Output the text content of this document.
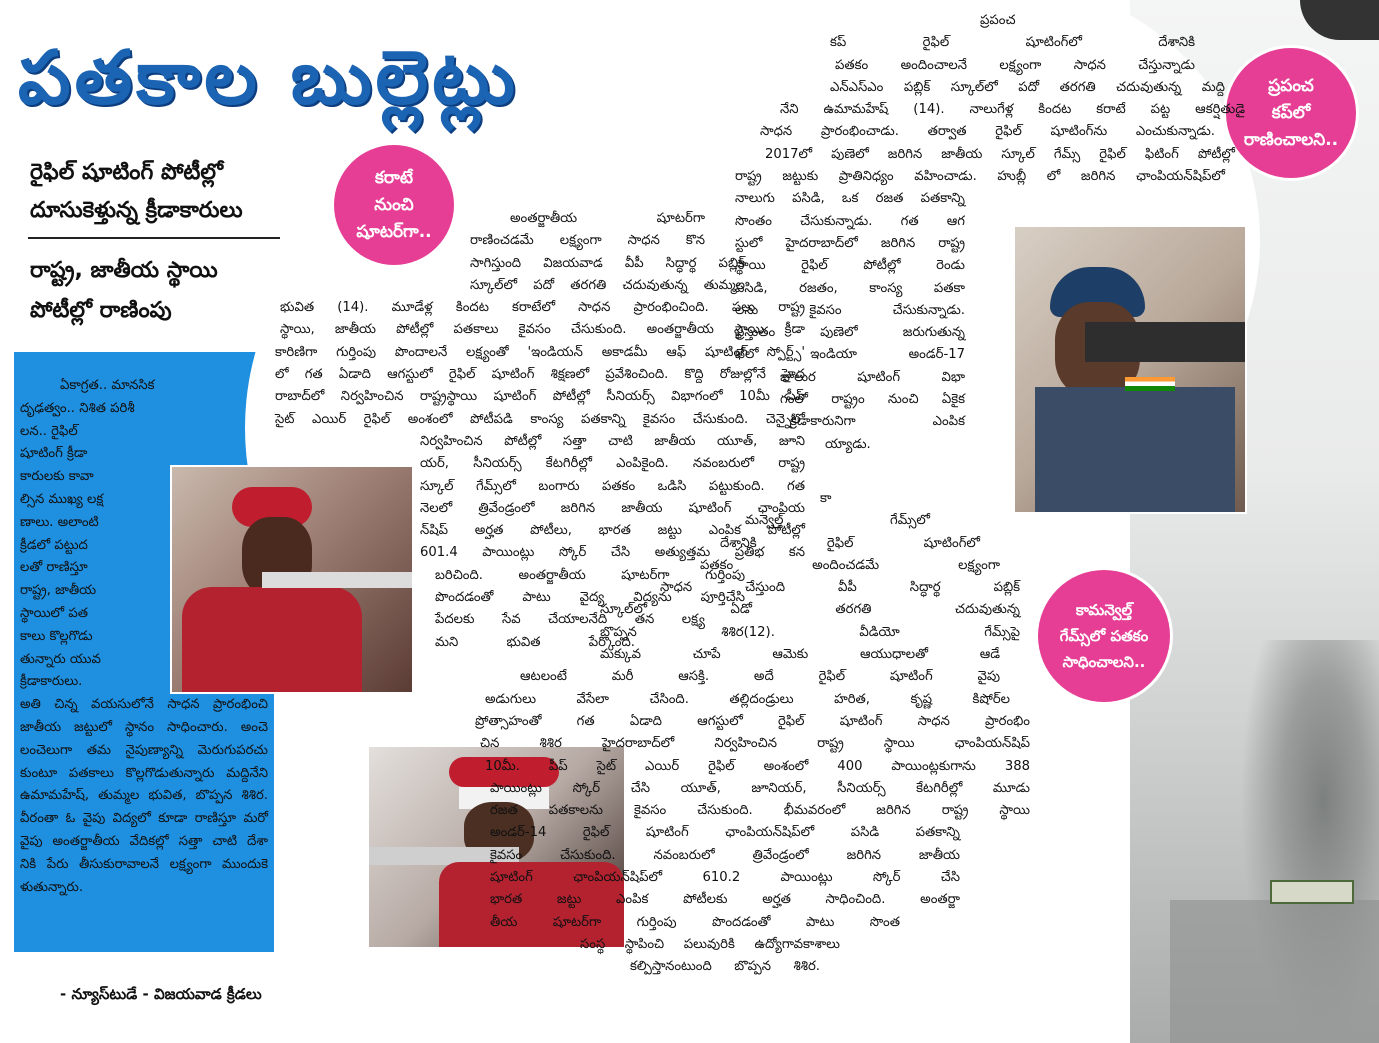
పతకాల బుల్లెట్లు
రైఫిల్ షూటింగ్ పోటీల్లో
దూసుకెళ్తున్న క్రీడాకారులు
రాష్ట్ర, జాతీయ స్థాయి
పోటీల్లో రాణింపు
కరాటే
నుంచి
షూటర్‌గా..
ప్రపంచ
కప్‌లో
రాణించాలని..
కామన్వెల్త్
గేమ్స్‌లో పతకం
సాధించాలని..
ఏకాగ్రత.. మానసిక
దృఢత్వం.. నిశిత పరిశీ
లన.. రైఫిల్
షూటింగ్ క్రీడా
కారులకు కావా
ల్సిన ముఖ్య లక్ష
ణాలు. అలాంటి
క్రీడలో పట్టుద
లతో రాణిస్తూ
రాష్ట్ర, జాతీయ
స్థాయిలో పత
కాలు కొల్లగొడు
తున్నారు యువ
క్రీడాకారులు.
అతి చిన్న వయసులోనే సాధన ప్రారంభించి
జాతీయ జట్టులో స్థానం సాధించారు. అంచె
లంచెలుగా తమ నైపుణ్యాన్ని మెరుగుపరచు
కుంటూ పతకాలు కొల్లగొడుతున్నారు మద్దినేని
ఉమామహేష్, తుమ్మల భువిత, బొప్పన శిశిర.
వీరంతా ఓ వైపు విద్యలో కూడా రాణిస్తూ మరో
వైపు అంతర్జాతీయ వేదికల్లో సత్తా చాటి దేశా
నికి పేరు తీసుకురావాలనే లక్ష్యంగా ముందుకె
ళుతున్నారు.
- న్యూస్‌టుడే - విజయవాడ క్రీడలు
అంతర్జాతీయ షూటర్‌గా
రాణించడమే లక్ష్యంగా సాధన కొన
సాగిస్తుంది విజయవాడ వీపీ సిద్ధార్థ పబ్లిక్
స్కూల్‌లో పదో తరగతి చదువుతున్న తుమ్మల
భువిత (14). మూడేళ్ల కిందట కరాటేలో సాధన ప్రారంభించింది. పలు రాష్ట్ర
స్థాయి, జాతీయ పోటీల్లో పతకాలు కైవసం చేసుకుంది. అంతర్జాతీయ స్థాయి క్రీడా
కారిణిగా గుర్తింపు పొందాలనే లక్ష్యంతో 'ఇండియన్ అకాడమీ ఆఫ్ షూటింగ్ స్పోర్ట్స్'
లో గత ఏడాది ఆగస్టులో రైఫిల్ షూటింగ్ శిక్షణలో ప్రవేశించింది. కొద్ది రోజుల్లోనే హైద
రాబాద్‌లో నిర్వహించిన రాష్ట్రస్థాయి షూటింగ్ పోటీల్లో సీనియర్స్ విభాగంలో 10మీ పీప్
సైట్ ఎయిర్ రైఫిల్ అంశంలో పోటీపడి కాంస్య పతకాన్ని కైవసం చేసుకుంది. చెన్నైలో
నిర్వహించిన పోటీల్లో సత్తా చాటి జాతీయ యూత్, జూని
యర్, సీనియర్స్ కేటగిరీల్లో ఎంపికైంది. నవంబరులో రాష్ట్ర
స్కూల్ గేమ్స్‌లో బంగారు పతకం ఒడిసి పట్టుకుంది. గత
నెలలో త్రివేండ్రంలో జరిగిన జాతీయ షూటింగ్ ఛాంపియ
న్‌షిప్ అర్హత పోటీలు, భారత జట్టు ఎంపిక పోటీల్లో
601.4 పాయింట్లు స్కోర్ చేసి అత్యుత్తమ ప్రతిభ కన
బరిచింది. అంతర్జాతీయ షూటర్‌గా గుర్తింపు
పొందడంతో పాటు వైద్య విద్యను పూర్తిచేసి
పేదలకు సేవ చేయాలనేది తన లక్ష్య
మని భువిత పేర్కొంది.
ప్రపంచ
కప్ రైఫిల్ షూటింగ్‌లో దేశానికి
పతకం అందించాలనే లక్ష్యంగా సాధన చేస్తున్నాడు
ఎన్‌ఎస్‌ఎం పబ్లిక్ స్కూల్‌లో పదో తరగతి చదువుతున్న మద్ది
నేని ఉమామహేష్ (14). నాలుగేళ్ల కిందట కరాటే పట్ట ఆకర్షితుడై
సాధన ప్రారంభించాడు. తర్వాత రైఫిల్ షూటింగ్‌ను ఎంచుకున్నాడు.
2017లో పుణెలో జరిగిన జాతీయ స్కూల్ గేమ్స్ రైఫిల్ ఫిటింగ్ పోటీల్లో
రాష్ట్ర జట్టుకు ప్రాతినిధ్యం వహించాడు. హుబ్లీ లో జరిగిన ఛాంపియన్‌షిప్‌లో
నాలుగు పసిడి, ఒక రజత పతకాన్ని
సొంతం చేసుకున్నాడు. గత ఆగ
స్టులో హైదరాబాద్‌లో జరిగిన రాష్ట్ర
స్థాయి రైఫిల్ పోటీల్లో రెండు
పసిడి, రజతం, కాంస్య పతకా
లను కైవసం చేసుకున్నాడు.
ప్రస్తుతం పుణెలో జరుగుతున్న
ఖేలో ఇండియా అండర్-17
బాలుర షూటింగ్ విభా
గంలో రాష్ట్రం నుంచి ఏకైక
క్రీడాకారునిగా ఎంపిక
య్యాడు.
కా
మన్వెల్త్ గేమ్స్‌లో
దేశానికి రైఫిల్ షూటింగ్‌లో
పతకం అందించడమే లక్ష్యంగా
సాధన చేస్తుంది వీపీ సిద్ధార్థ పబ్లిక్
స్కూల్‌లో ఏడో తరగతి చదువుతున్న
బొప్పన శిశిర(12). వీడియో గేమ్స్‌పై
మక్కువ చూపే ఆమెకు ఆయుధాలతో ఆడే
ఆటలంటే మరీ ఆసక్తి. అదే రైఫిల్ షూటింగ్ వైపు
అడుగులు వేసేలా చేసింది. తల్లిదండ్రులు హరిత, కృష్ణ కిషోర్‌ల
ప్రోత్సాహంతో గత ఏడాది ఆగస్టులో రైఫిల్ షూటింగ్ సాధన ప్రారంభిం
చిన శిశిర హైదరాబాద్‌లో నిర్వహించిన రాష్ట్ర స్థాయి ఛాంపియన్‌షిప్
10మీ. పీప్ సైట్ ఎయిర్ రైఫిల్ అంశంలో 400 పాయింట్లకుగాను 388
పాయింట్లు స్కోర్ చేసి యూత్, జూనియర్, సీనియర్స్ కేటగిరీల్లో మూడు
రజత పతకాలను కైవసం చేసుకుంది. భీమవరంలో జరిగిన రాష్ట్ర స్థాయి
అండర్-14 రైఫిల్ షూటింగ్ ఛాంపియన్‌షిప్‌లో పసిడి పతకాన్ని
కైవసం చేసుకుంది. నవంబరులో త్రివేండ్రంలో జరిగిన జాతీయ
షూటింగ్ ఛాంపియన్‌షిప్‌లో 610.2 పాయింట్లు స్కోర్ చేసి
భారత జట్టు ఎంపిక పోటీలకు అర్హత సాధించింది. అంతర్జా
తీయ షూటర్‌గా గుర్తింపు పొందడంతో పాటు సొంత
సంస్థ స్థాపించి పలువురికి ఉద్యోగావకాశాలు
కల్పిస్తానంటుంది బొప్పన శిశిర.
